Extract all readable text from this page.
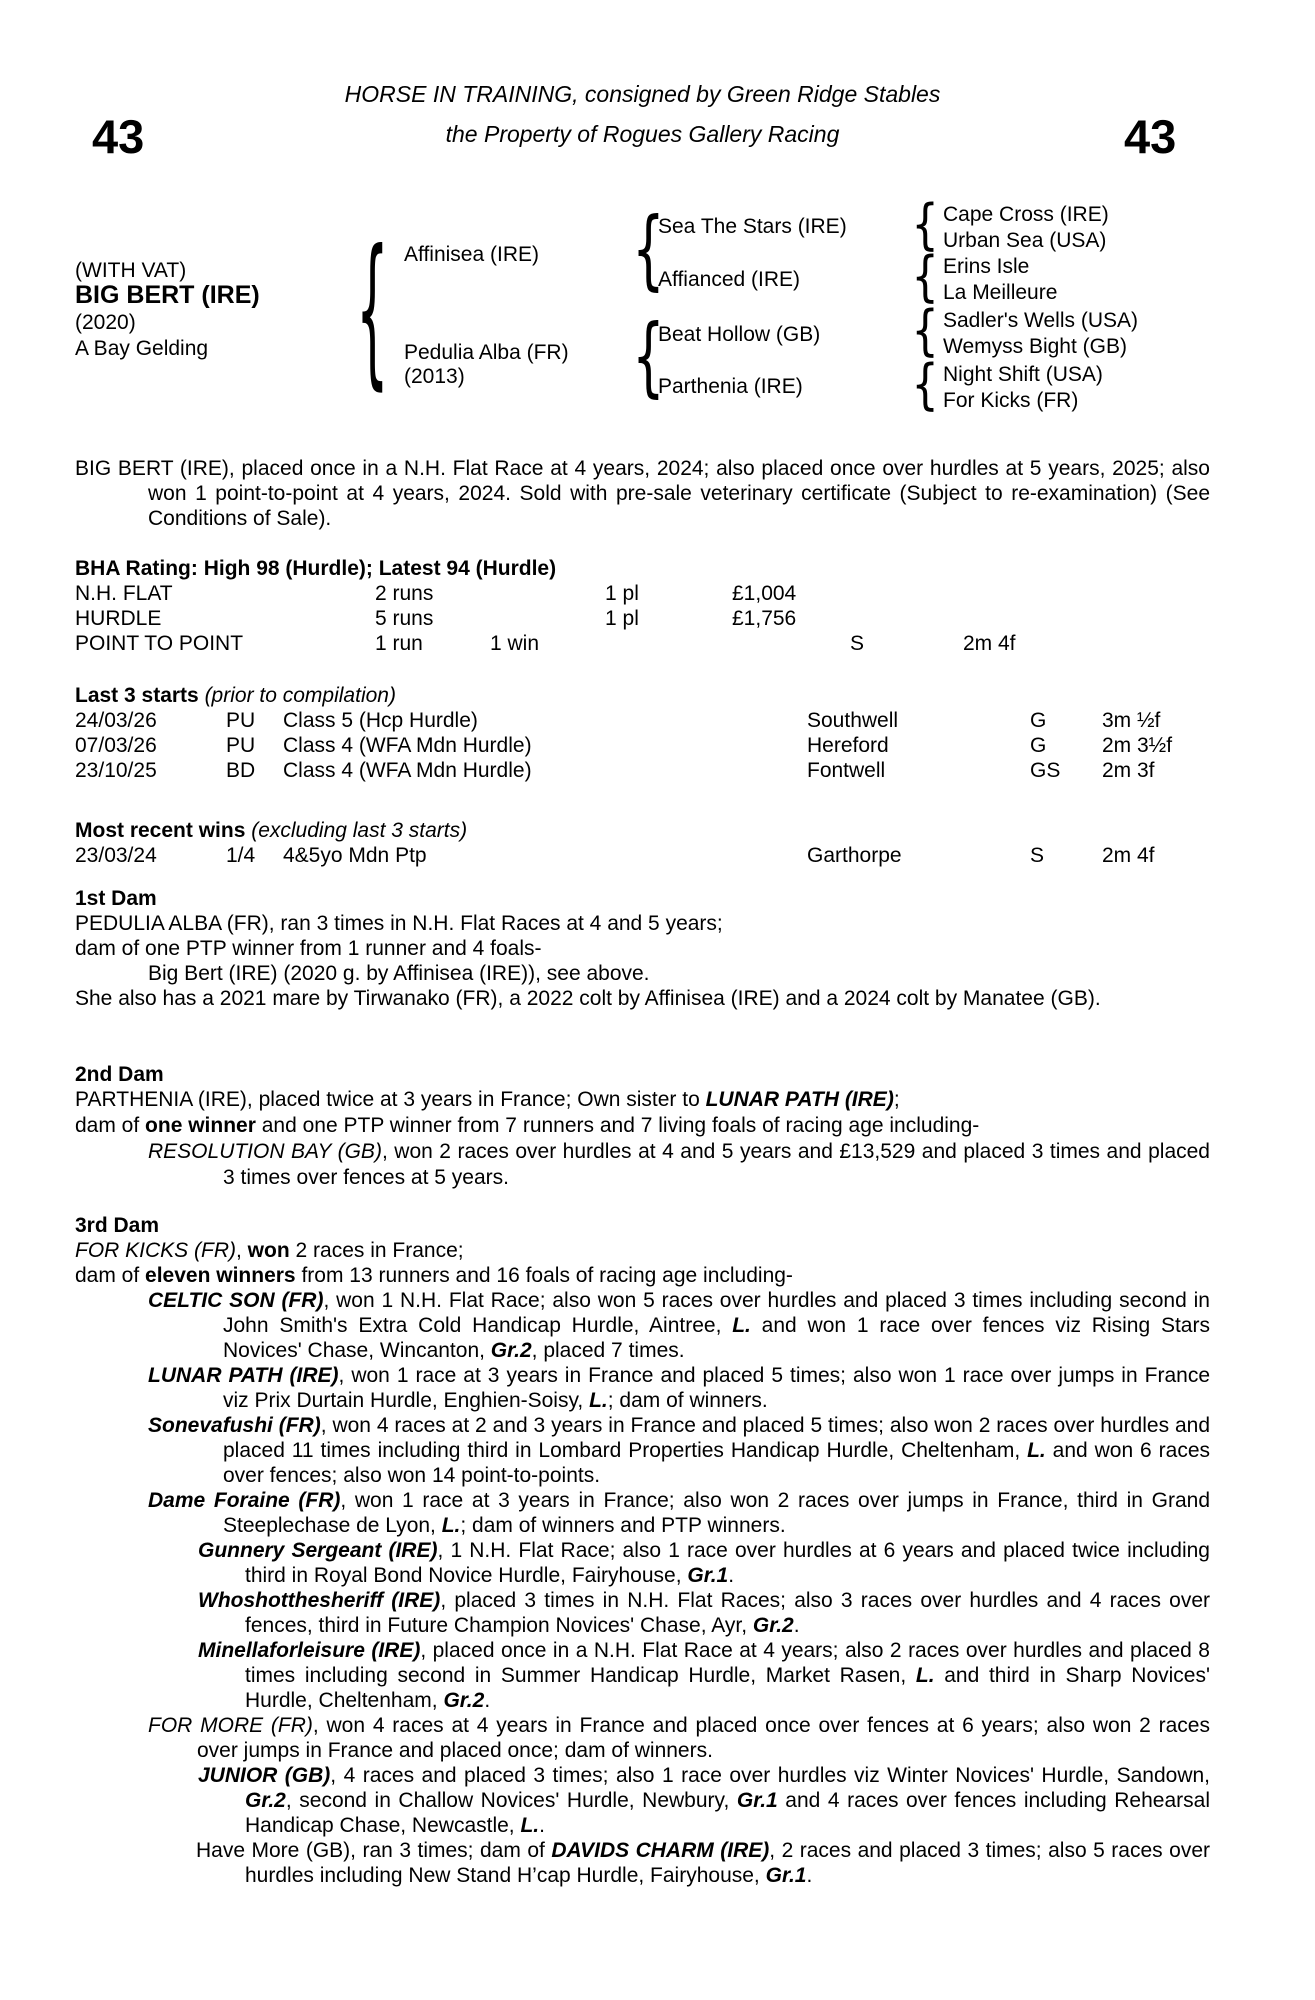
43	43
HORSE IN TRAINING, consigned by Green Ridge Stables
the Property of Rogues Gallery Racing
(WITH VAT)
BIG BERT (IRE)
(2020)
A Bay Gelding { Affinisea (IRE)
Pedulia Alba (FR)
(2013)
{
{
Sea The Stars (IRE)
Affianced (IRE)
Beat Hollow (GB)
Parthenia (IRE)
{
{
{
{
Cape Cross (IRE)
Urban Sea (USA)
Erins Isle
La Meilleure
Sadler's Wells (USA)
Wemyss Bight (GB)
Night Shift (USA)
For Kicks (FR)

BIG BERT (IRE), placed once in a N.H. Flat Race at 4 years, 2024; also placed once over hurdles at 5 years, 2025; also won 1 point-to-point at 4 years, 2024. Sold with pre-sale veterinary certificate (Subject to re-examination) (See Conditions of Sale).

BHA Rating: High 98 (Hurdle); Latest 94 (Hurdle)
N.H. FLAT	2 runs	1 pl	£1,004
HURDLE	5 runs	1 pl	£1,756
POINT TO POINT	1 run	1 win	S	2m 4f
Last 3 starts (prior to compilation)
24/03/26	PU Class 5 (Hcp Hurdle)	Southwell	G	3m ½f
07/03/26	PU Class 4 (WFA Mdn Hurdle)	Hereford	G	2m 3½f
23/10/25	BD Class 4 (WFA Mdn Hurdle)	Fontwell	GS 2m 3f
Most recent wins (excluding last 3 starts)
23/03/24	1/4 4&5yo Mdn Ptp	Garthorpe	S	2m 4f
1st Dam

PEDULIA ALBA (FR), ran 3 times in N.H. Flat Races at 4 and 5 years;

dam of one PTP winner from 1 runner and 4 foals-

Big Bert (IRE) (2020 g. by Affinisea (IRE)), see above.

She also has a 2021 mare by Tirwanako (FR), a 2022 colt by Affinisea (IRE) and a 2024 colt by Manatee (GB).

2nd Dam

PARTHENIA (IRE), placed twice at 3 years in France; Own sister to LUNAR PATH (IRE);

dam of one winner and one PTP winner from 7 runners and 7 living foals of racing age including-

RESOLUTION BAY (GB), won 2 races over hurdles at 4 and 5 years and £13,529 and placed 3 times and placed 3 times over fences at 5 years.

3rd Dam

FOR KICKS (FR), won 2 races in France;

dam of eleven winners from 13 runners and 16 foals of racing age including-

CELTIC SON (FR), won 1 N.H. Flat Race; also won 5 races over hurdles and placed 3 times including second in John Smith's Extra Cold Handicap Hurdle, Aintree, L. and won 1 race over fences viz Rising Stars Novices' Chase, Wincanton, Gr.2, placed 7 times.

LUNAR PATH (IRE), won 1 race at 3 years in France and placed 5 times; also won 1 race over jumps in France viz Prix Durtain Hurdle, Enghien-Soisy, L.; dam of winners.

Sonevafushi (FR), won 4 races at 2 and 3 years in France and placed 5 times; also won 2 races over hurdles and placed 11 times including third in Lombard Properties Handicap Hurdle, Cheltenham, L. and won 6 races over fences; also won 14 point-to-points.

Dame Foraine (FR), won 1 race at 3 years in France; also won 2 races over jumps in France, third in Grand Steeplechase de Lyon, L.; dam of winners and PTP winners.

Gunnery Sergeant (IRE), 1 N.H. Flat Race; also 1 race over hurdles at 6 years and placed twice including third in Royal Bond Novice Hurdle, Fairyhouse, Gr.1.

Whoshotthesheriff (IRE), placed 3 times in N.H. Flat Races; also 3 races over hurdles and 4 races over fences, third in Future Champion Novices' Chase, Ayr, Gr.2.

Minellaforleisure (IRE), placed once in a N.H. Flat Race at 4 years; also 2 races over hurdles and placed 8 times including second in Summer Handicap Hurdle, Market Rasen, L. and third in Sharp Novices' Hurdle, Cheltenham, Gr.2.

FOR MORE (FR), won 4 races at 4 years in France and placed once over fences at 6 years; also won 2 races over jumps in France and placed once; dam of winners.

JUNIOR (GB), 4 races and placed 3 times; also 1 race over hurdles viz Winter Novices' Hurdle, Sandown, Gr.2, second in Challow Novices' Hurdle, Newbury, Gr.1 and 4 races over fences including Rehearsal Handicap Chase, Newcastle, L..

Have More (GB), ran 3 times; dam of DAVIDS CHARM (IRE), 2 races and placed 3 times; also 5 races over hurdles including New Stand H’cap Hurdle, Fairyhouse, Gr.1.
